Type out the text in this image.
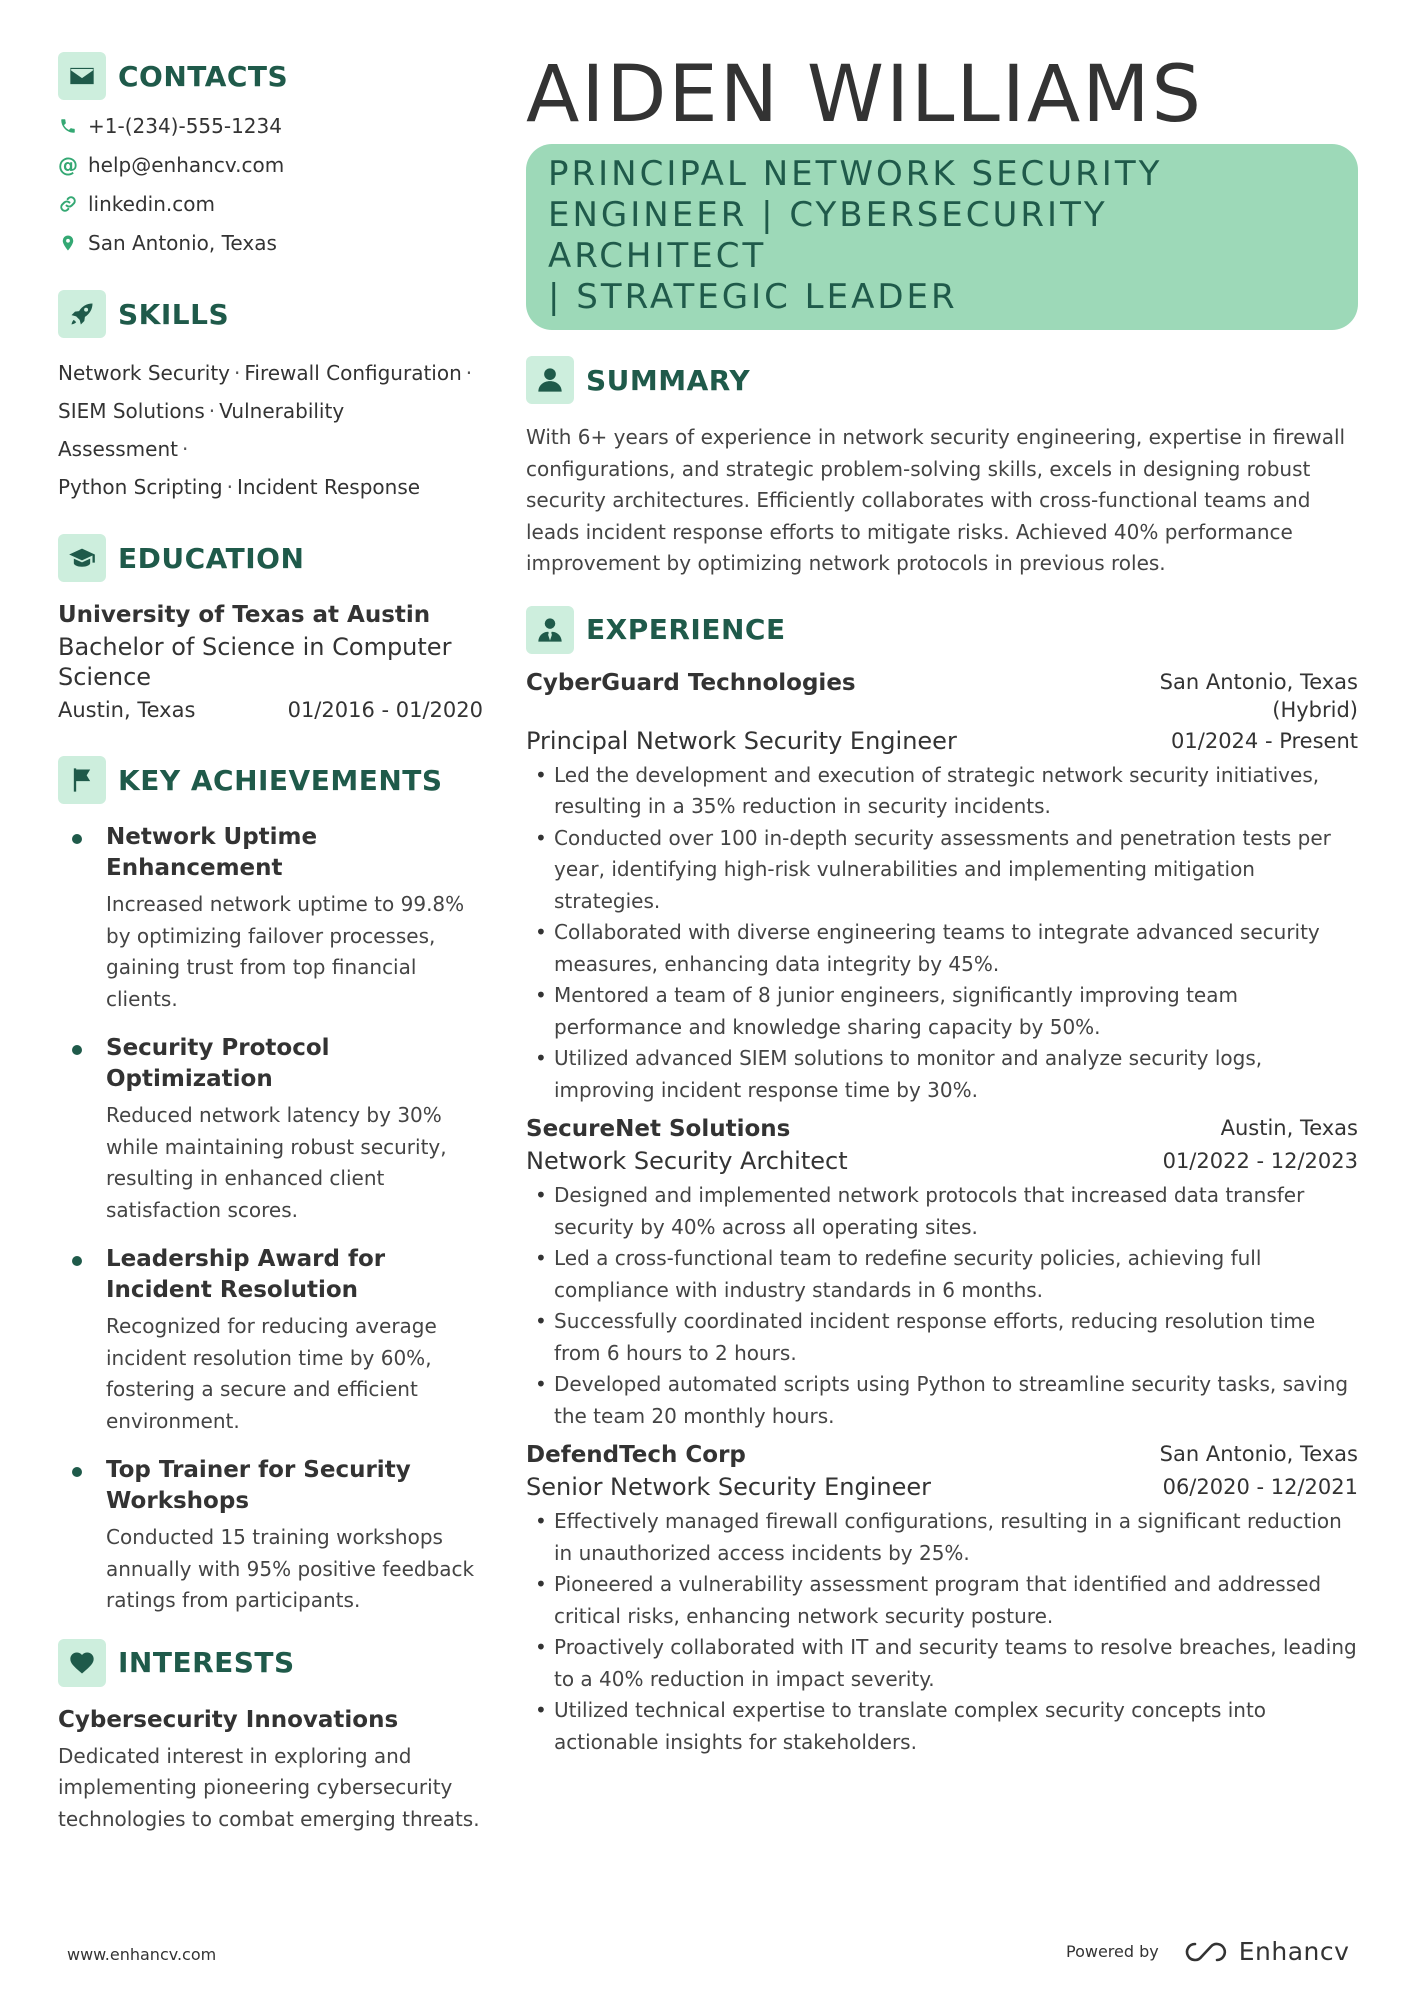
CONTACTS
+1-(234)-555-1234
@ help@enhancv.com
linkedin.com
San Antonio, Texas
SKILLS
Network Security · Firewall Configuration ·
SIEM Solutions · Vulnerability Assessment ·
Python Scripting · Incident Response
EDUCATION
University of Texas at Austin
Bachelor of Science in Computer Science
Austin, Texas	01/2016 - 01/2020
KEY ACHIEVEMENTS
Network Uptime Enhancement
Increased network uptime to 99.8% by optimizing failover processes, gaining trust from top financial clients.
Security Protocol Optimization
Reduced network latency by 30% while maintaining robust security, resulting in enhanced client satisfaction scores.
Leadership Award for Incident Resolution
Recognized for reducing average incident resolution time by 60%, fostering a secure and efficient environment.
Top Trainer for Security Workshops
Conducted 15 training workshops annually with 95% positive feedback ratings from participants.
INTERESTS
Cybersecurity Innovations
Dedicated interest in exploring and implementing pioneering cybersecurity technologies to combat emerging threats.
AIDEN WILLIAMS
PRINCIPAL NETWORK SECURITY
ENGINEER | CYBERSECURITY ARCHITECT
| STRATEGIC LEADER
SUMMARY
With 6+ years of experience in network security engineering, expertise in firewall configurations, and strategic problem-solving skills, excels in designing robust security architectures. Efficiently collaborates with cross-functional teams and leads incident response efforts to mitigate risks. Achieved 40% performance improvement by optimizing network protocols in previous roles.
EXPERIENCE
CyberGuard Technologies	San Antonio, Texas
(Hybrid)
Principal Network Security Engineer	01/2024 - Present
• Led the development and execution of strategic network security initiatives, resulting in a 35% reduction in security incidents.
• Conducted over 100 in-depth security assessments and penetration tests per year, identifying high-risk vulnerabilities and implementing mitigation strategies.
• Collaborated with diverse engineering teams to integrate advanced security measures, enhancing data integrity by 45%.
• Mentored a team of 8 junior engineers, significantly improving team performance and knowledge sharing capacity by 50%.
• Utilized advanced SIEM solutions to monitor and analyze security logs, improving incident response time by 30%.
SecureNet Solutions	Austin, Texas
Network Security Architect	01/2022 - 12/2023
• Designed and implemented network protocols that increased data transfer security by 40% across all operating sites.
• Led a cross-functional team to redefine security policies, achieving full compliance with industry standards in 6 months.
• Successfully coordinated incident response efforts, reducing resolution time from 6 hours to 2 hours.
• Developed automated scripts using Python to streamline security tasks, saving the team 20 monthly hours.
DefendTech Corp	San Antonio, Texas
Senior Network Security Engineer	06/2020 - 12/2021
• Effectively managed firewall configurations, resulting in a significant reduction in unauthorized access incidents by 25%.
• Pioneered a vulnerability assessment program that identified and addressed critical risks, enhancing network security posture.
• Proactively collaborated with IT and security teams to resolve breaches, leading to a 40% reduction in impact severity.
• Utilized technical expertise to translate complex security concepts into actionable insights for stakeholders.
www.enhancv.com	Powered by	Enhancv
